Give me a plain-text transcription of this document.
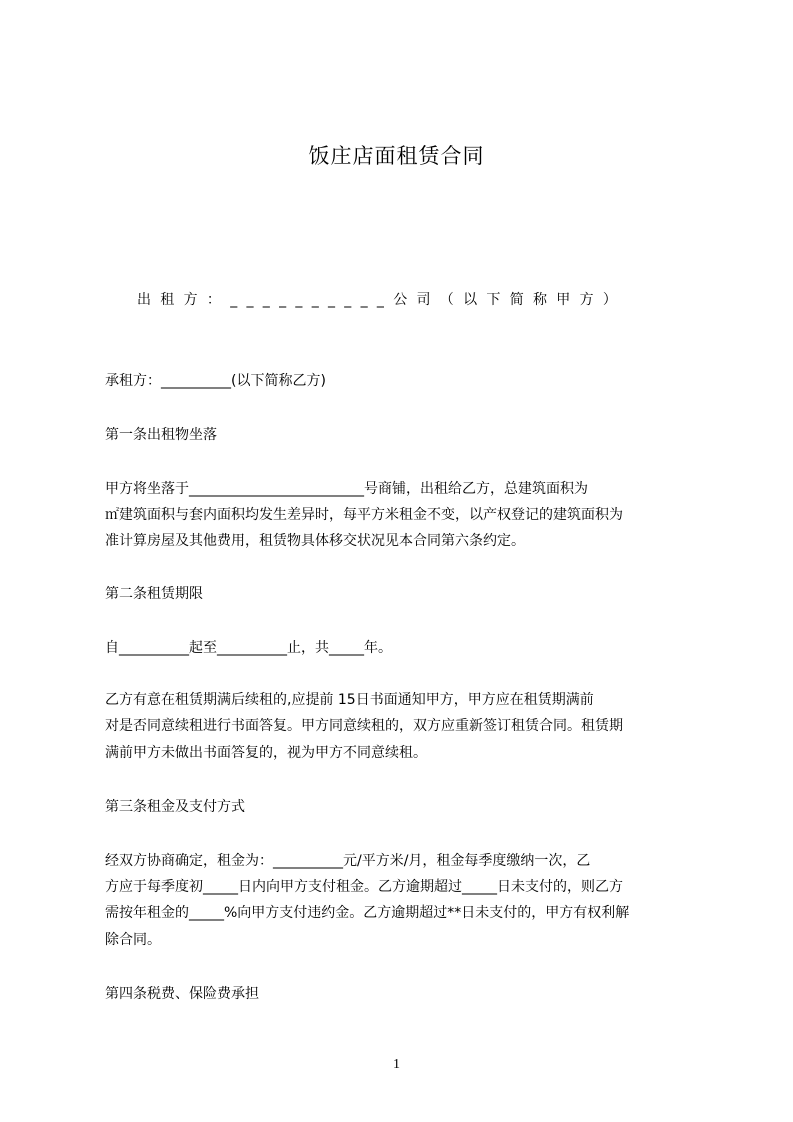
饭庄店面租赁合同
出租方：__________公司（以下简称甲方）
承租方：__________(以下简称乙方)
第一条出租物坐落
甲方将坐落于_________________________号商铺，出租给乙方，总建筑面积为
㎡建筑面积与套内面积均发生差异时，每平方米租金不变，以产权登记的建筑面积为
准计算房屋及其他费用，租赁物具体移交状况见本合同第六条约定。
第二条租赁期限
自__________起至__________止，共_____年。
乙方有意在租赁期满后续租的,应提前 15日书面通知甲方，甲方应在租赁期满前
对是否同意续租进行书面答复。甲方同意续租的，双方应重新签订租赁合同。租赁期
满前甲方未做出书面答复的，视为甲方不同意续租。
第三条租金及支付方式
经双方协商确定，租金为：__________元/平方米/月，租金每季度缴纳一次，乙
方应于每季度初_____日内向甲方支付租金。乙方逾期超过_____日未支付的，则乙方
需按年租金的_____%向甲方支付违约金。乙方逾期超过**日未支付的，甲方有权利解
除合同。
第四条税费、保险费承担
1
